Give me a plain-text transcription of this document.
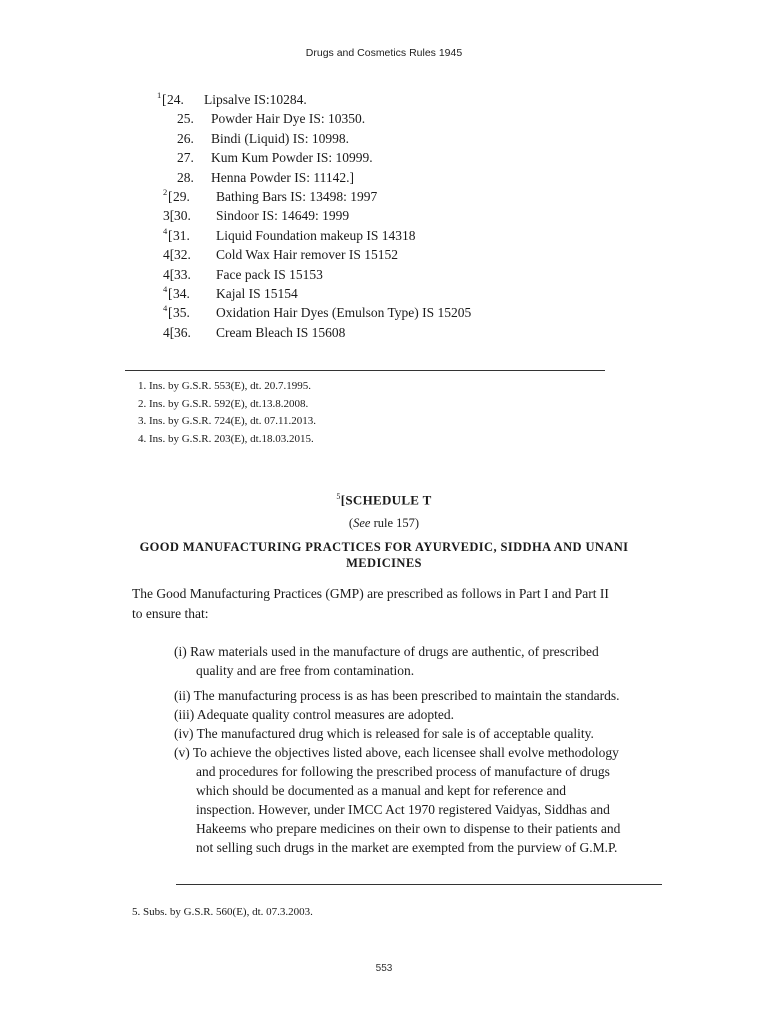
Drugs and Cosmetics Rules 1945
1 [ 24. Lipsalve IS:10284.
25. Powder Hair Dye IS: 10350.
26. Bindi (Liquid) IS: 10998.
27. Kum Kum Powder IS: 10999.
28. Henna Powder IS: 11142.]
2 [ 29. Bathing Bars IS: 13498: 1997
3[ 30. Sindoor IS: 14649: 1999
4 [ 31. Liquid Foundation makeup IS 14318
4[ 32. Cold Wax Hair remover IS 15152
4[ 33. Face pack IS 15153
4 [ 34. Kajal IS 15154
4 [ 35. Oxidation Hair Dyes (Emulson Type) IS 15205
4[ 36. Cream Bleach IS 15608
1. Ins. by G.S.R. 553(E), dt. 20.7.1995.
2. Ins. by G.S.R. 592(E), dt.13.8.2008.
3. Ins. by G.S.R. 724(E), dt. 07.11.2013.
4. Ins. by G.S.R. 203(E), dt.18.03.2015.
$^5$[SCHEDULE T
(See rule 157)
GOOD MANUFACTURING PRACTICES FOR AYURVEDIC, SIDDHA AND UNANI
MEDICINES
The Good Manufacturing Practices (GMP) are prescribed as follows in Part I and Part II
to ensure that:
(i) Raw materials used in the manufacture of drugs are authentic, of prescribed
quality and are free from contamination.
(ii) The manufacturing process is as has been prescribed to maintain the standards.
(iii) Adequate quality control measures are adopted.
(iv) The manufactured drug which is released for sale is of acceptable quality.
(v) To achieve the objectives listed above, each licensee shall evolve methodology
and procedures for following the prescribed process of manufacture of drugs
which should be documented as a manual and kept for reference and
inspection. However, under IMCC Act 1970 registered Vaidyas, Siddhas and
Hakeems who prepare medicines on their own to dispense to their patients and
not selling such drugs in the market are exempted from the purview of G.M.P.
5. Subs. by G.S.R. 560(E), dt. 07.3.2003.
553
